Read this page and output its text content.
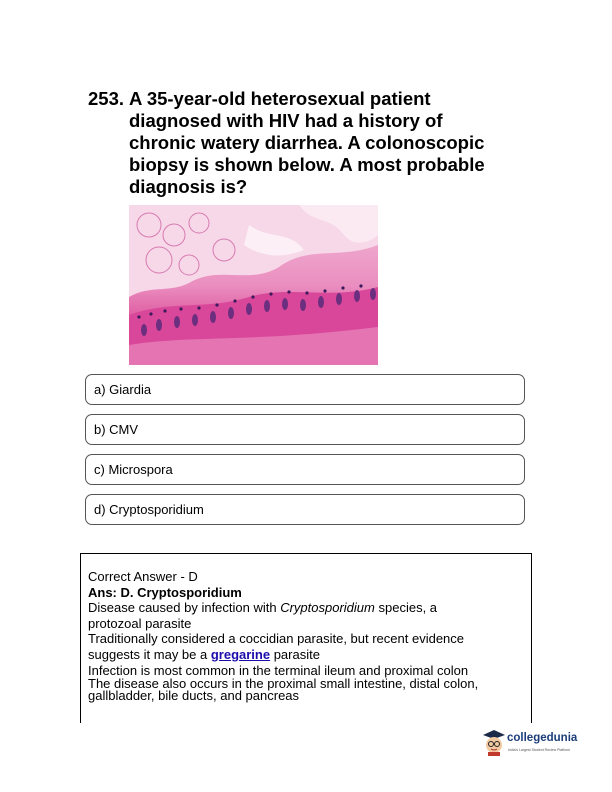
253. A 35-year-old heterosexual patient
diagnosed with HIV had a history of
chronic watery diarrhea. A colonoscopic
biopsy is shown below. A most probable
diagnosis is?
a) Giardia
b) CMV
c) Microspora
d) Cryptosporidium

Correct Answer - D

Ans: D. Cryptosporidium

Disease caused by infection with Cryptosporidium species, a

protozoal parasite

Traditionally considered a coccidian parasite, but recent evidence

suggests it may be a gregarine parasite

Infection is most common in the terminal ileum and proximal colon

The disease also occurs in the proximal small intestine, distal colon,

gallbladder, bile ducts, and pancreas

collegedunia
India's Largest Student Review Platform
